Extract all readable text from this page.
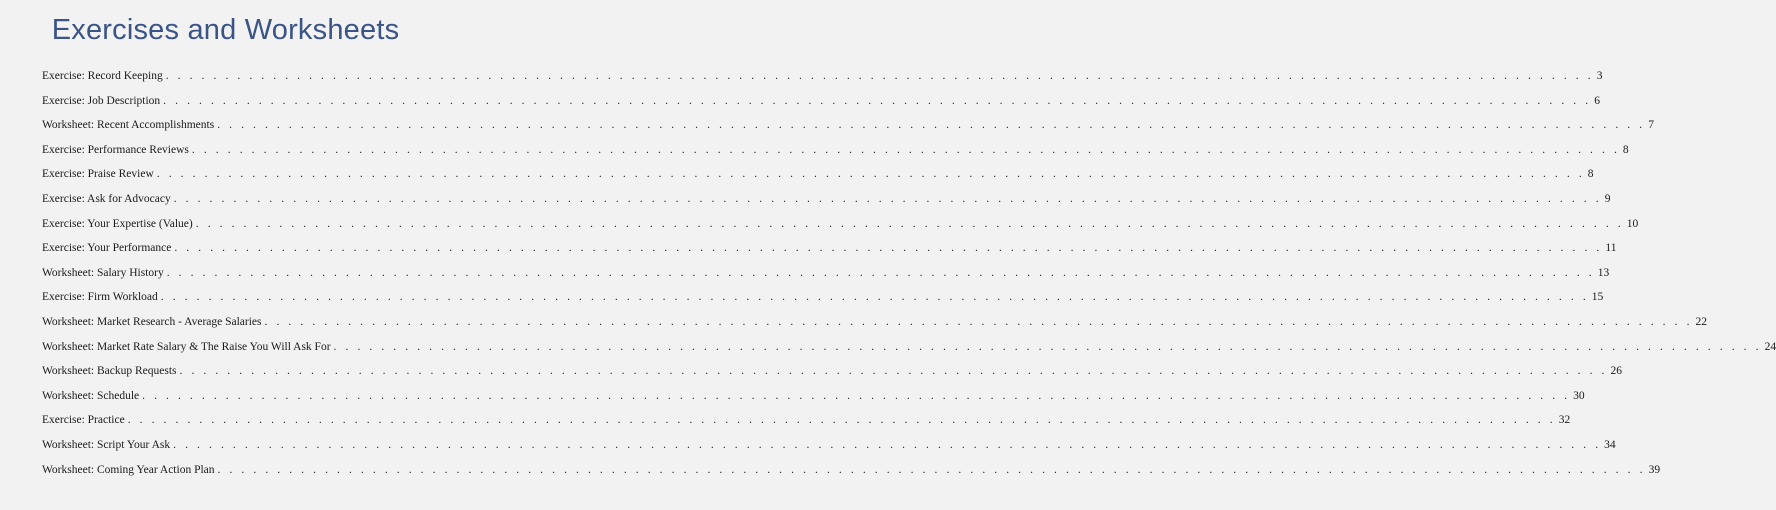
Exercises and Worksheets
Exercise: Record Keeping . . . . . . . . . . . . . . . . . . . . . . . . . . . . . . . . . . . . . . . . . . . . . . . . . . . . . . . . . . . . . . . . . . . . . . . . . . . . . . . . . . . . . . . . . . . . . . . . . . . . . . . . . . . . . . . . . . . . . . . . 3
Exercise: Job Description . . . . . . . . . . . . . . . . . . . . . . . . . . . . . . . . . . . . . . . . . . . . . . . . . . . . . . . . . . . . . . . . . . . . . . . . . . . . . . . . . . . . . . . . . . . . . . . . . . . . . . . . . . . . . . . . . . . . . . . . 6
Worksheet: Recent Accomplishments . . . . . . . . . . . . . . . . . . . . . . . . . . . . . . . . . . . . . . . . . . . . . . . . . . . . . . . . . . . . . . . . . . . . . . . . . . . . . . . . . . . . . . . . . . . . . . . . . . . . . . . . . . . . . . . . . . . . . . . . 7
Exercise: Performance Reviews . . . . . . . . . . . . . . . . . . . . . . . . . . . . . . . . . . . . . . . . . . . . . . . . . . . . . . . . . . . . . . . . . . . . . . . . . . . . . . . . . . . . . . . . . . . . . . . . . . . . . . . . . . . . . . . . . . . . . . . . 8
Exercise: Praise Review . . . . . . . . . . . . . . . . . . . . . . . . . . . . . . . . . . . . . . . . . . . . . . . . . . . . . . . . . . . . . . . . . . . . . . . . . . . . . . . . . . . . . . . . . . . . . . . . . . . . . . . . . . . . . . . . . . . . . . . . 8
Exercise: Ask for Advocacy . . . . . . . . . . . . . . . . . . . . . . . . . . . . . . . . . . . . . . . . . . . . . . . . . . . . . . . . . . . . . . . . . . . . . . . . . . . . . . . . . . . . . . . . . . . . . . . . . . . . . . . . . . . . . . . . . . . . . . . . 9
Exercise: Your Expertise (Value) . . . . . . . . . . . . . . . . . . . . . . . . . . . . . . . . . . . . . . . . . . . . . . . . . . . . . . . . . . . . . . . . . . . . . . . . . . . . . . . . . . . . . . . . . . . . . . . . . . . . . . . . . . . . . . . . . . . . . . . . 10
Exercise: Your Performance . . . . . . . . . . . . . . . . . . . . . . . . . . . . . . . . . . . . . . . . . . . . . . . . . . . . . . . . . . . . . . . . . . . . . . . . . . . . . . . . . . . . . . . . . . . . . . . . . . . . . . . . . . . . . . . . . . . . . . . . 11
Worksheet: Salary History . . . . . . . . . . . . . . . . . . . . . . . . . . . . . . . . . . . . . . . . . . . . . . . . . . . . . . . . . . . . . . . . . . . . . . . . . . . . . . . . . . . . . . . . . . . . . . . . . . . . . . . . . . . . . . . . . . . . . . . . 13
Exercise: Firm Workload . . . . . . . . . . . . . . . . . . . . . . . . . . . . . . . . . . . . . . . . . . . . . . . . . . . . . . . . . . . . . . . . . . . . . . . . . . . . . . . . . . . . . . . . . . . . . . . . . . . . . . . . . . . . . . . . . . . . . . . . 15
Worksheet: Market Research - Average Salaries . . . . . . . . . . . . . . . . . . . . . . . . . . . . . . . . . . . . . . . . . . . . . . . . . . . . . . . . . . . . . . . . . . . . . . . . . . . . . . . . . . . . . . . . . . . . . . . . . . . . . . . . . . . . . . . . . . . . . . . . 22
Worksheet: Market Rate Salary & The Raise You Will Ask For . . . . . . . . . . . . . . . . . . . . . . . . . . . . . . . . . . . . . . . . . . . . . . . . . . . . . . . . . . . . . . . . . . . . . . . . . . . . . . . . . . . . . . . . . . . . . . . . . . . . . . . . . . . . . . . . . . . . . . . . 24
Worksheet: Backup Requests . . . . . . . . . . . . . . . . . . . . . . . . . . . . . . . . . . . . . . . . . . . . . . . . . . . . . . . . . . . . . . . . . . . . . . . . . . . . . . . . . . . . . . . . . . . . . . . . . . . . . . . . . . . . . . . . . . . . . . . . 26
Worksheet: Schedule . . . . . . . . . . . . . . . . . . . . . . . . . . . . . . . . . . . . . . . . . . . . . . . . . . . . . . . . . . . . . . . . . . . . . . . . . . . . . . . . . . . . . . . . . . . . . . . . . . . . . . . . . . . . . . . . . . . . . . . . 30
Exercise: Practice . . . . . . . . . . . . . . . . . . . . . . . . . . . . . . . . . . . . . . . . . . . . . . . . . . . . . . . . . . . . . . . . . . . . . . . . . . . . . . . . . . . . . . . . . . . . . . . . . . . . . . . . . . . . . . . . . . . . . . . . 32
Worksheet: Script Your Ask . . . . . . . . . . . . . . . . . . . . . . . . . . . . . . . . . . . . . . . . . . . . . . . . . . . . . . . . . . . . . . . . . . . . . . . . . . . . . . . . . . . . . . . . . . . . . . . . . . . . . . . . . . . . . . . . . . . . . . . . 34
Worksheet: Coming Year Action Plan . . . . . . . . . . . . . . . . . . . . . . . . . . . . . . . . . . . . . . . . . . . . . . . . . . . . . . . . . . . . . . . . . . . . . . . . . . . . . . . . . . . . . . . . . . . . . . . . . . . . . . . . . . . . . . . . . . . . . . . . 39
